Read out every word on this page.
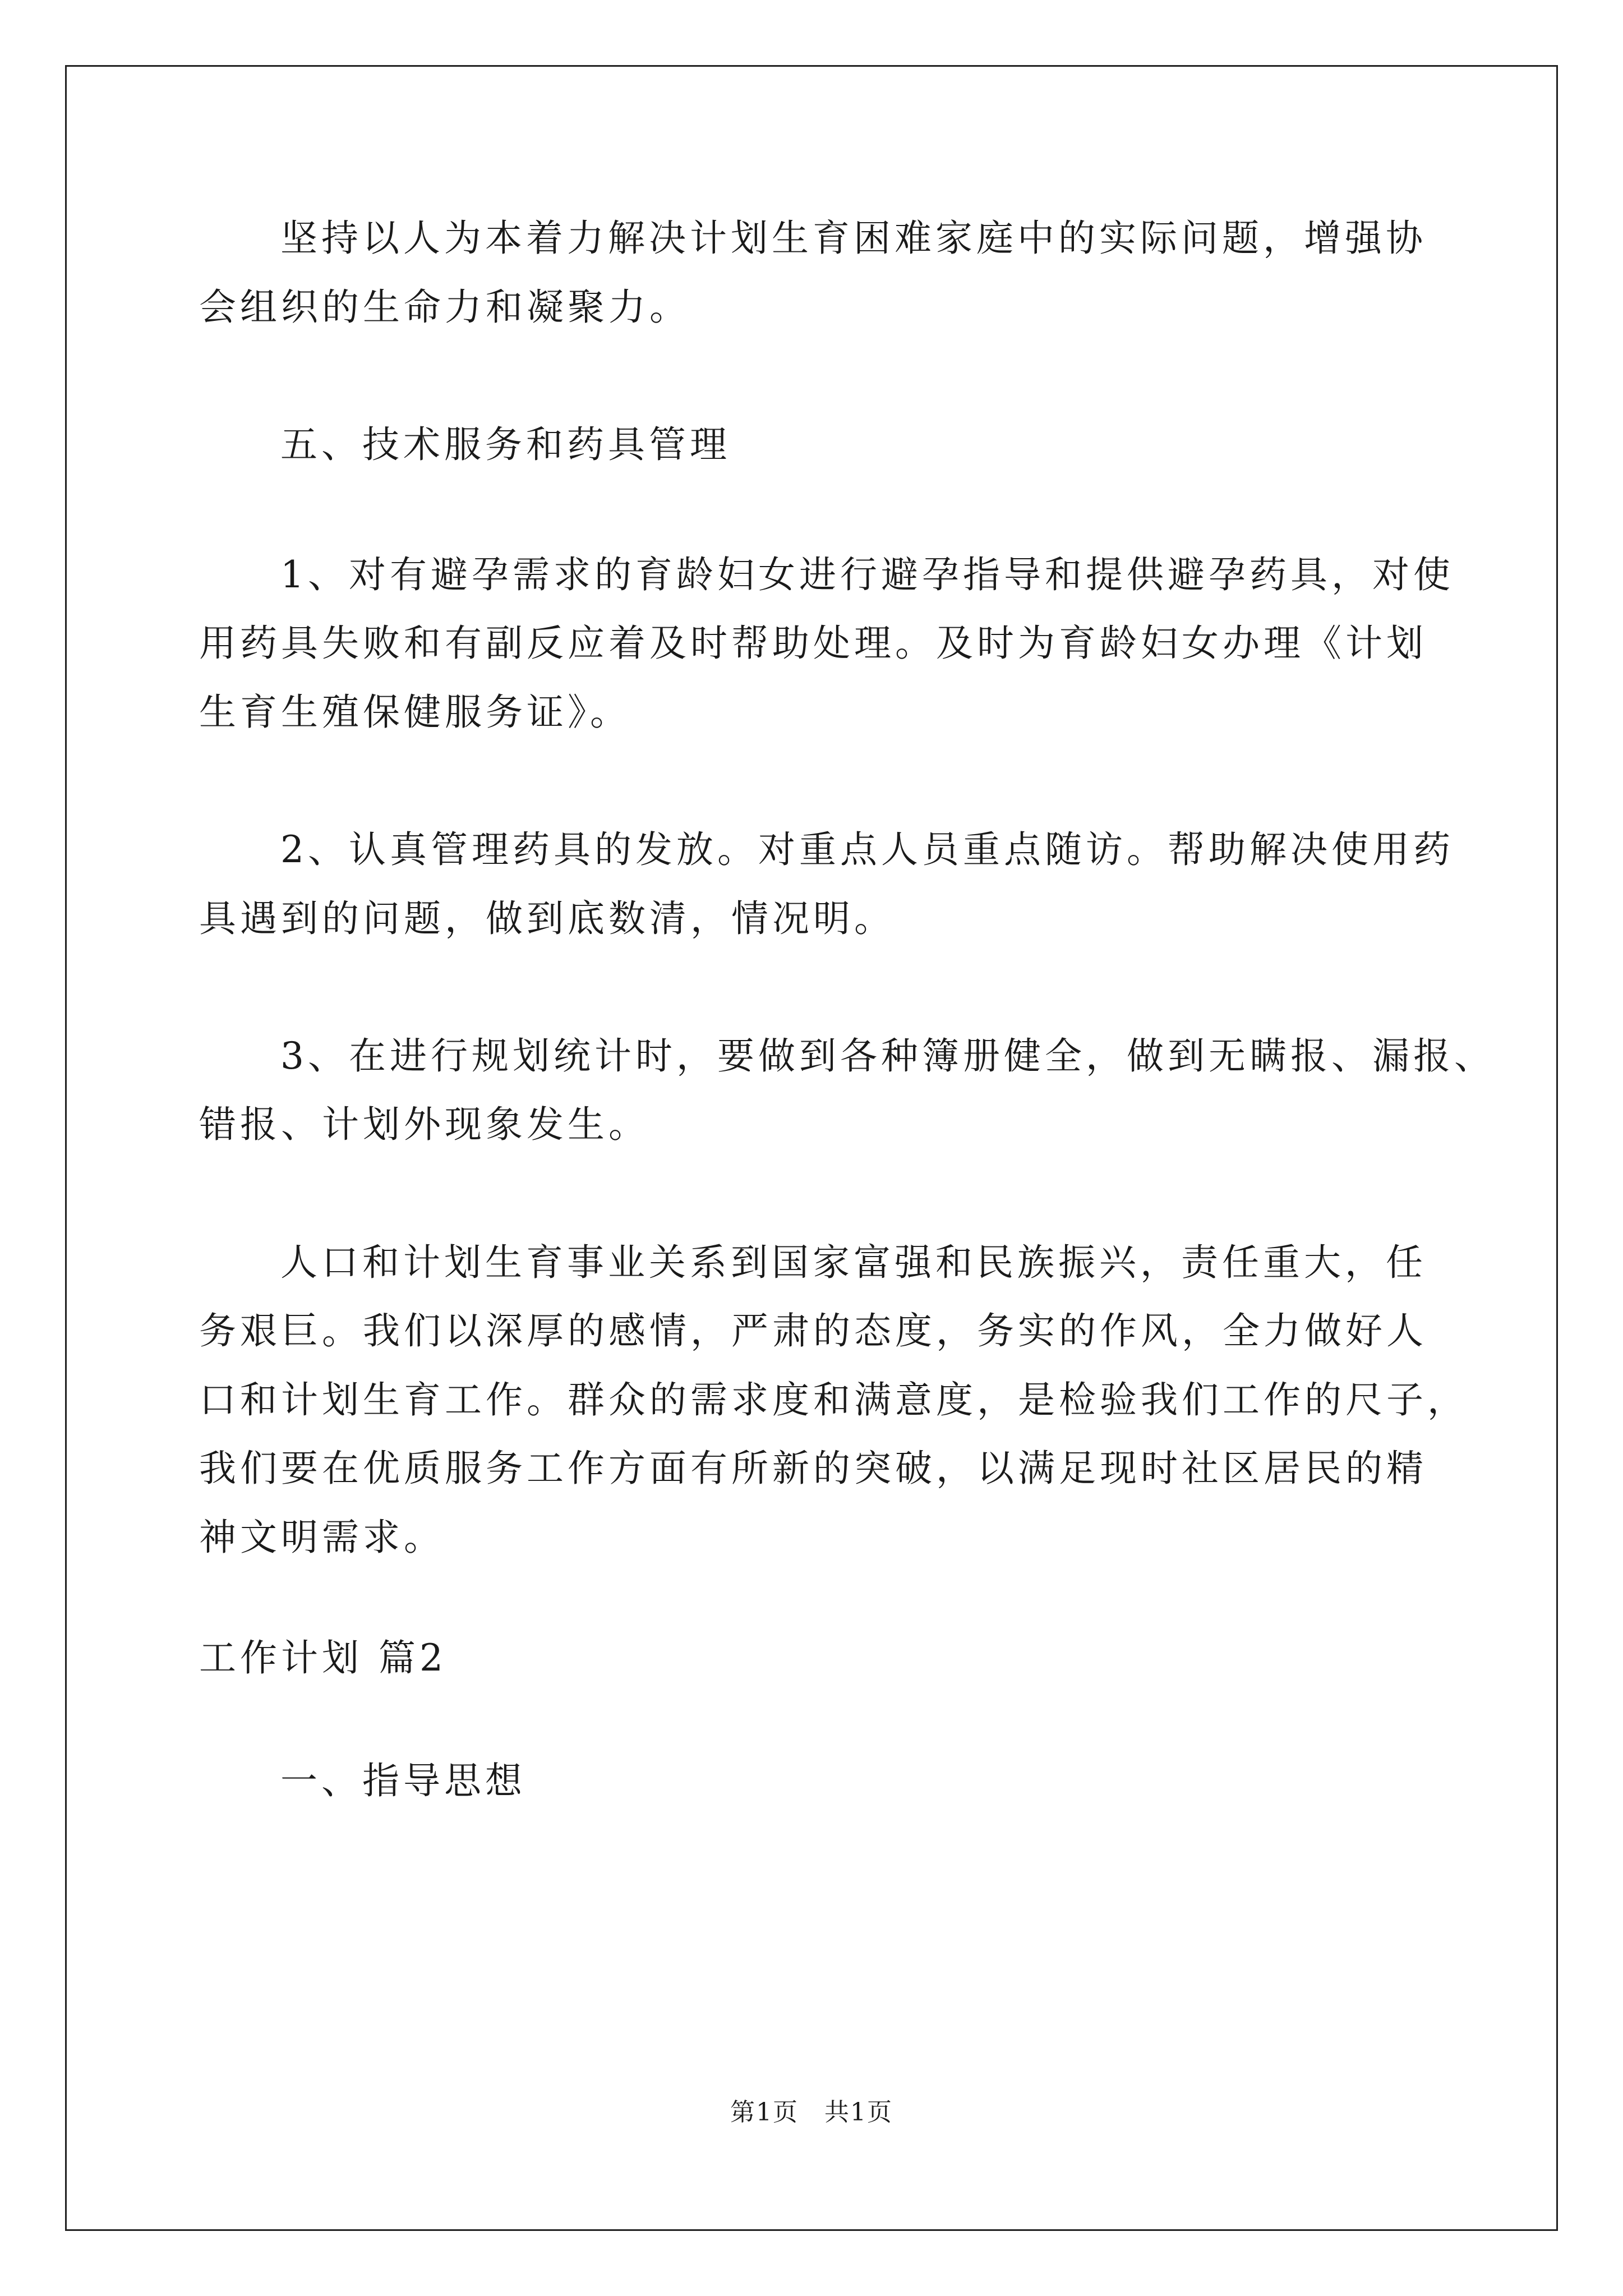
坚持以人为本着力解决计划生育困难家庭中的实际问题，增强协
会组织的生命力和凝聚力。
五、技术服务和药具管理
1、对有避孕需求的育龄妇女进行避孕指导和提供避孕药具，对使
用药具失败和有副反应着及时帮助处理。及时为育龄妇女办理《计划
生育生殖保健服务证》。
2、认真管理药具的发放。对重点人员重点随访。帮助解决使用药
具遇到的问题，做到底数清，情况明。
3、在进行规划统计时，要做到各种簿册健全，做到无瞒报、漏报、
错报、计划外现象发生。
人口和计划生育事业关系到国家富强和民族振兴，责任重大，任
务艰巨。我们以深厚的感情，严肃的态度，务实的作风，全力做好人
口和计划生育工作。群众的需求度和满意度，是检验我们工作的尺子，
我们要在优质服务工作方面有所新的突破，以满足现时社区居民的精
神文明需求。
工作计划 篇2
一、指导思想
第1页　共1页
